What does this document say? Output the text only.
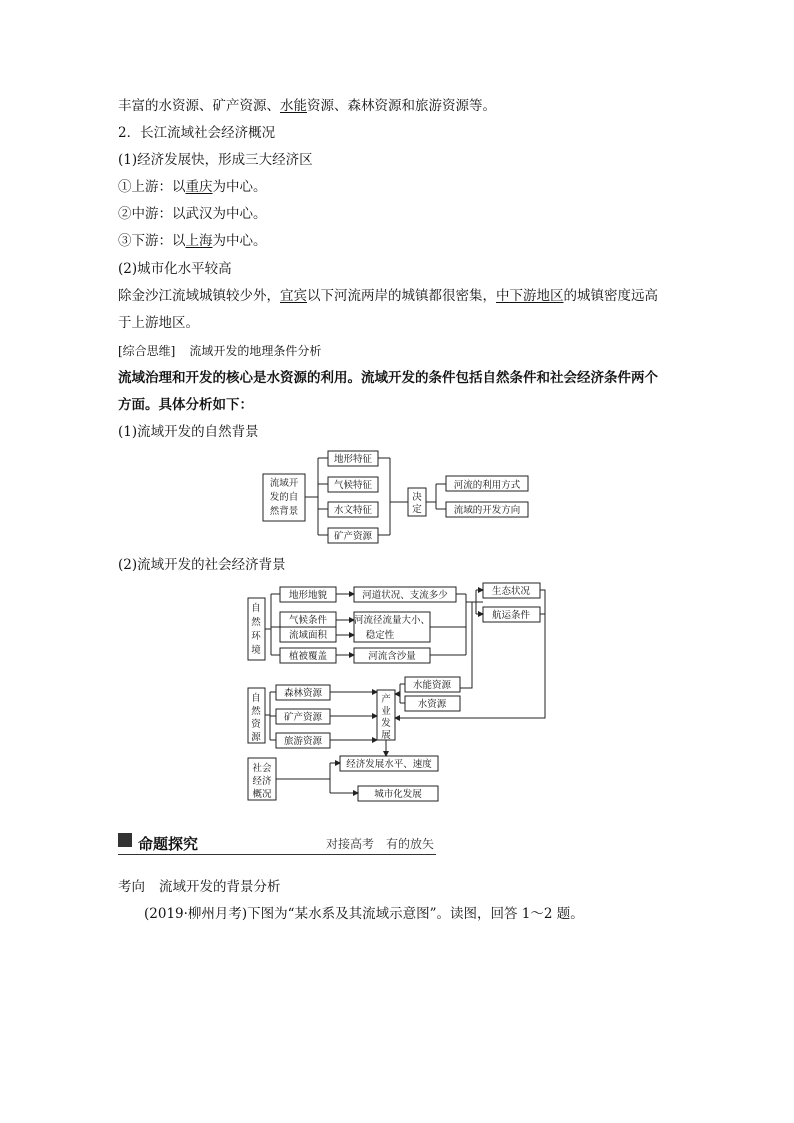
丰富的水资源、矿产资源、水能资源、森林资源和旅游资源等。
2．长江流域社会经济概况
(1)经济发展快，形成三大经济区
①上游：以重庆为中心。
②中游：以武汉为中心。
③下游：以上海为中心。
(2)城市化水平较高
除金沙江流域城镇较少外，宜宾以下河流两岸的城镇都很密集，中下游地区的城镇密度远高
于上游地区。
[综合思维] 流域开发的地理条件分析
流域治理和开发的核心是水资源的利用。流域开发的条件包括自然条件和社会经济条件两个
方面。具体分析如下：
(1)流域开发的自然背景
(2)流域开发的社会经济背景
流域开
发的自
然背景
地形特征
气候特征
水文特征
矿产资源
决
定
河流的利用方式
流域的开发方向
自
然
环
境
地形地貌
气候条件
流域面积
植被覆盖
河道状况、支流多少
河流径流量大小、
稳定性
河流含沙量
生态状况
航运条件
自
然
资
源
森林资源
矿产资源
旅游资源
产
业
发
展
水能资源
水资源
社会
经济
概况
经济发展水平、速度
城市化发展
命题探究	对接高考　有的放矢
考向 流域开发的背景分析
(2019·柳州月考)下图为“某水系及其流域示意图”。读图，回答 1～2 题。
